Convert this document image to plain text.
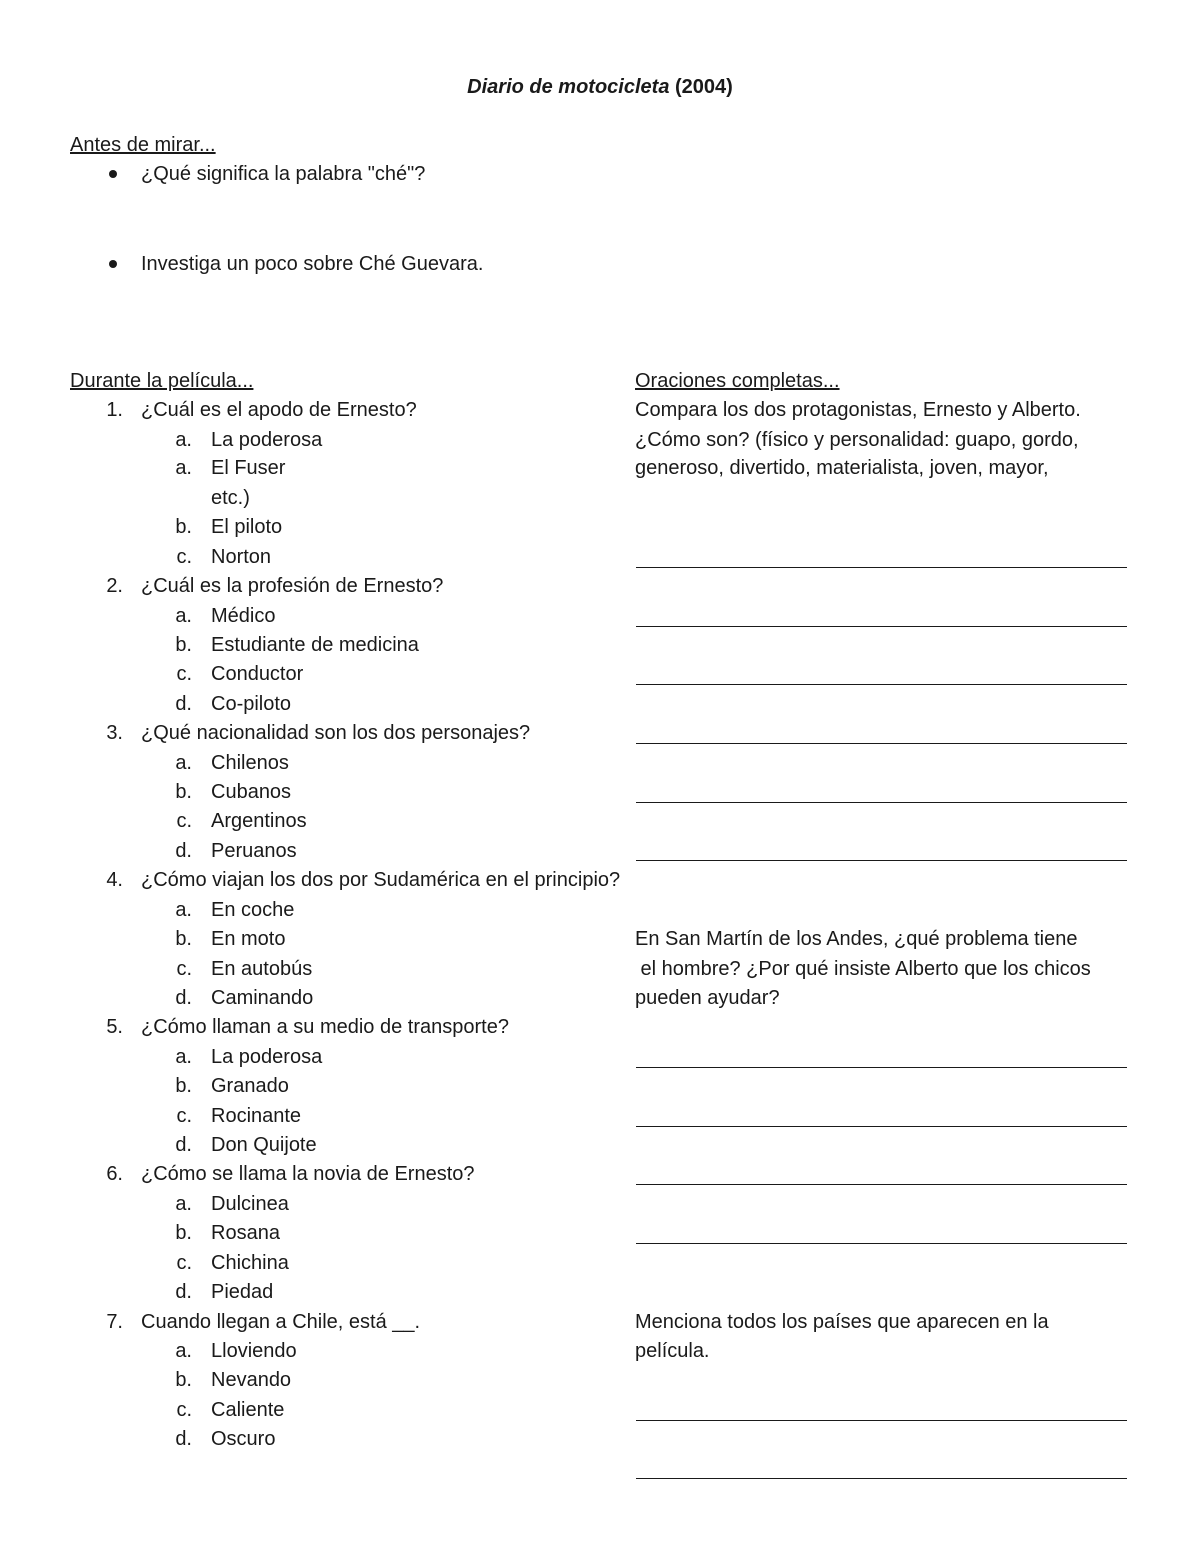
Diario de motocicleta (2004)
Antes de mirar...
¿Qué significa la palabra "ché"?
Investiga un poco sobre Ché Guevara.
Durante la película...
1. ¿Cuál es el apodo de Ernesto?
a. La poderosa
a. El Fuser
etc.)
b. El piloto
c. Norton
2. ¿Cuál es la profesión de Ernesto?
a. Médico
b. Estudiante de medicina
c. Conductor
d. Co-piloto
3. ¿Qué nacionalidad son los dos personajes?
a. Chilenos
b. Cubanos
c. Argentinos
d. Peruanos
4. ¿Cómo viajan los dos por Sudamérica en el principio?
a. En coche
b. En moto
c. En autobús
d. Caminando
5. ¿Cómo llaman a su medio de transporte?
a. La poderosa
b. Granado
c. Rocinante
d. Don Quijote
6. ¿Cómo se llama la novia de Ernesto?
a. Dulcinea
b. Rosana
c. Chichina
d. Piedad
7. Cuando llegan a Chile, está __.
a. Lloviendo
b. Nevando
c. Caliente
d. Oscuro
Oraciones completas...
Compara los dos protagonistas, Ernesto y Alberto.
¿Cómo son? (físico y personalidad: guapo, gordo,
generoso, divertido, materialista, joven, mayor,
En San Martín de los Andes, ¿qué problema tiene
el hombre? ¿Por qué insiste Alberto que los chicos
pueden ayudar?
Menciona todos los países que aparecen en la
película.
